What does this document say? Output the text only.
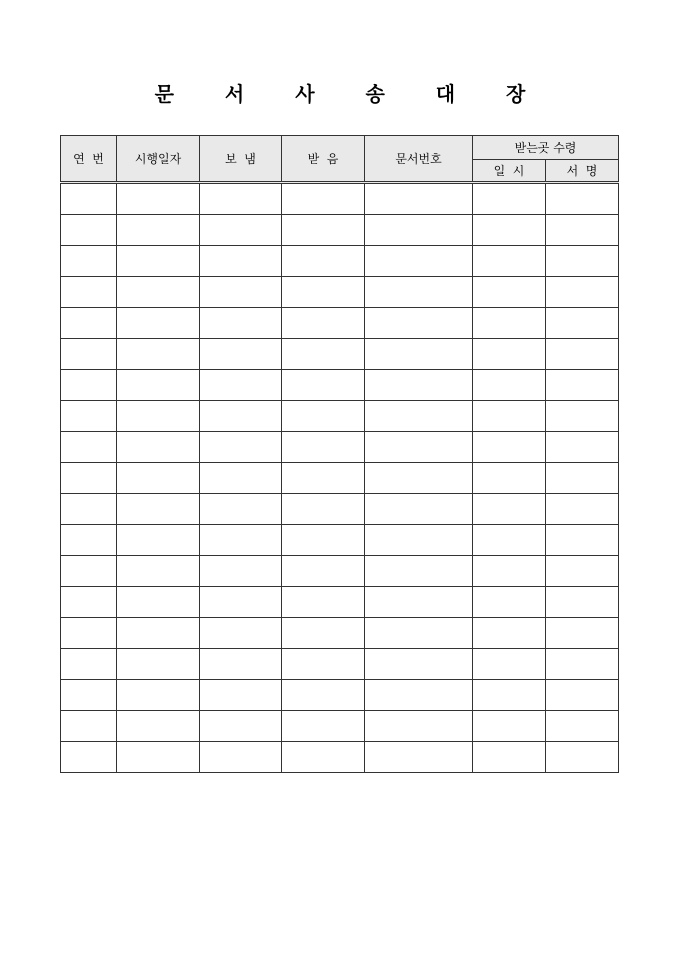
문 서 사 송 대 장
연  번	시행일자	보  냄	받  음	문서번호	받는곳 수령	
					일  시	서  명
